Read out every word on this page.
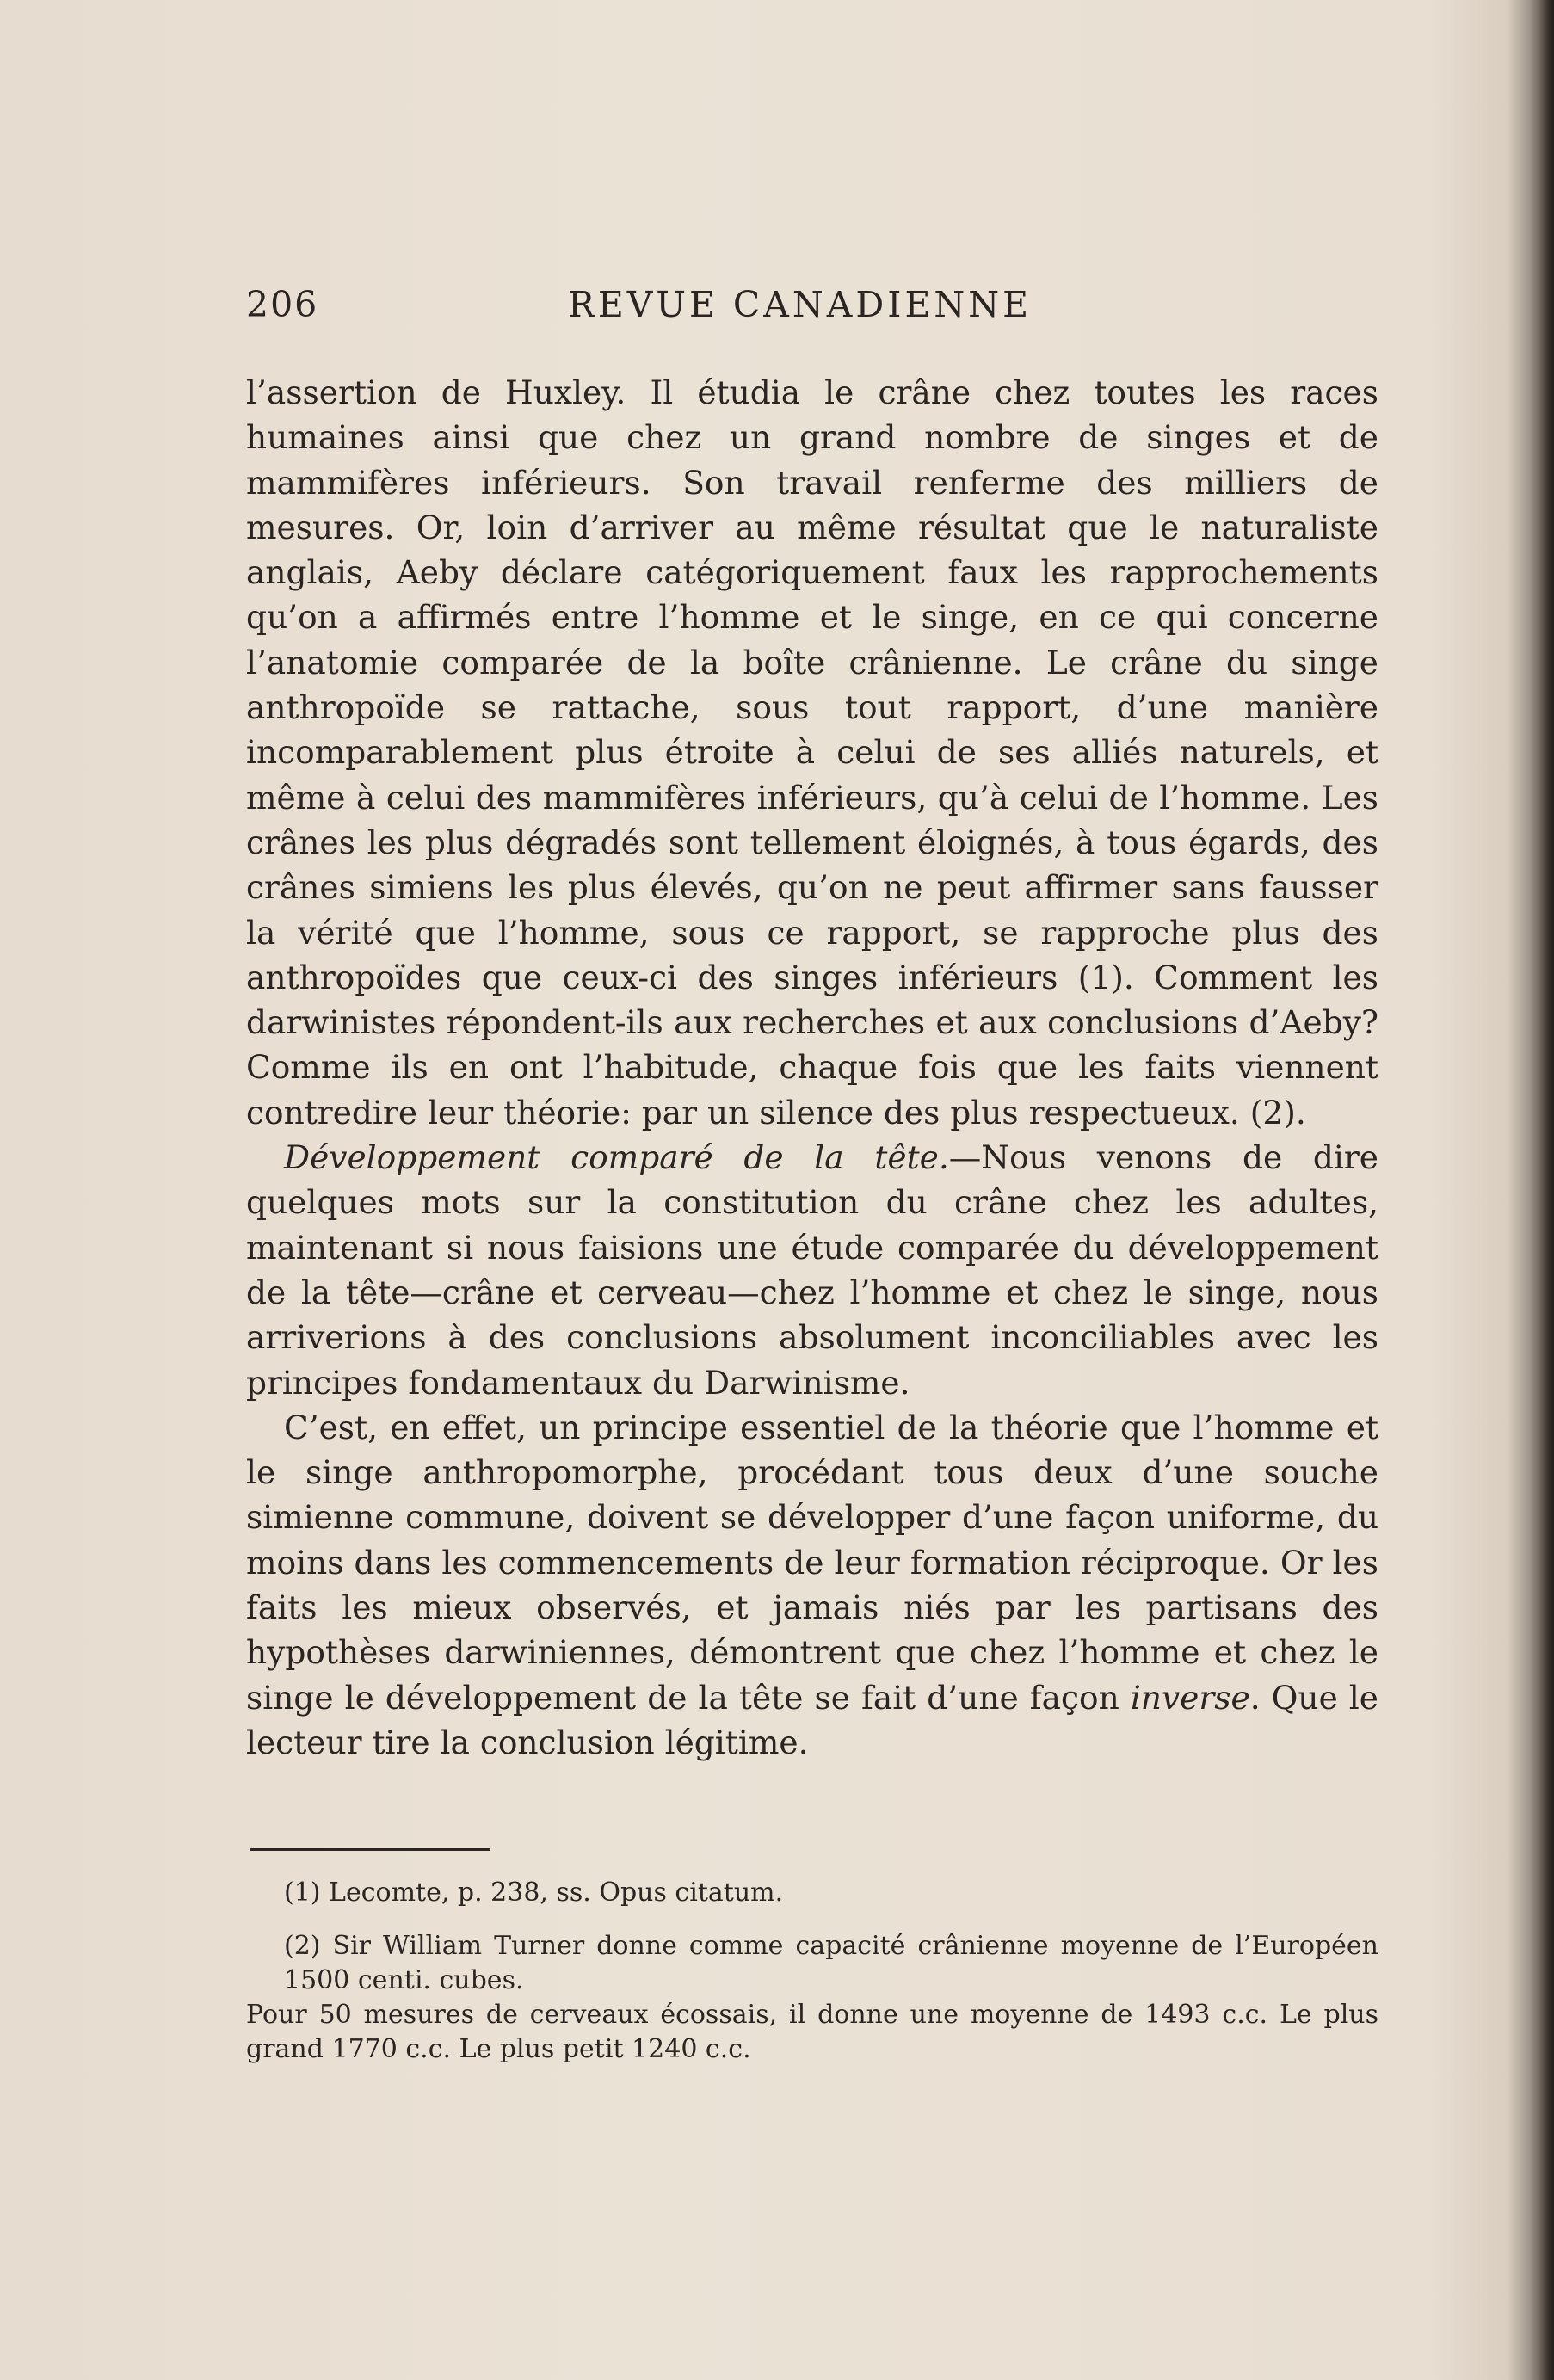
206	REVUE CANADIENNE

l’assertion de Huxley. Il étudia le crâne chez toutes les races humaines ainsi que chez un grand nombre de singes et de mammifères inférieurs. Son travail renferme des milliers de mesures. Or, loin d’arriver au même résultat que le naturaliste anglais, Aeby déclare catégoriquement faux les rapprochements qu’on a affirmés entre l’homme et le singe, en ce qui concerne l’anatomie comparée de la boîte crânienne. Le crâne du singe anthropoïde se rattache, sous tout rapport, d’une manière incomparablement plus étroite à celui de ses alliés naturels, et même à celui des mammifères inférieurs, qu’à celui de l’homme. Les crânes les plus dégradés sont tellement éloignés, à tous égards, des crânes simiens les plus élevés, qu’on ne peut affirmer sans fausser la vérité que l’homme, sous ce rapport, se rapproche plus des anthropoïdes que ceux-ci des singes inférieurs (1). Comment les darwinistes répondent-ils aux recherches et aux conclusions d’Aeby? Comme ils en ont l’habitude, chaque fois que les faits viennent contredire leur théorie: par un silence des plus respectueux. (2).

Développement comparé de la tête.—Nous venons de dire quelques mots sur la constitution du crâne chez les adultes, maintenant si nous faisions une étude comparée du développement de la tête—crâne et cerveau—chez l’homme et chez le singe, nous arriverions à des conclusions absolument inconciliables avec les principes fondamentaux du Darwinisme.

C’est, en effet, un principe essentiel de la théorie que l’homme et le singe anthropomorphe, procédant tous deux d’une souche simienne commune, doivent se développer d’une façon uniforme, du moins dans les commencements de leur formation réciproque. Or les faits les mieux observés, et jamais niés par les partisans des hypothèses darwiniennes, démontrent que chez l’homme et chez le singe le développement de la tête se fait d’une façon inverse. Que le lecteur tire la conclusion légitime.

(1) Lecomte, p. 238, ss. Opus citatum.

(2) Sir William Turner donne comme capacité crânienne moyenne de l’Européen 1500 centi. cubes.

Pour 50 mesures de cerveaux écossais, il donne une moyenne de 1493 c.c. Le plus grand 1770 c.c. Le plus petit 1240 c.c.
